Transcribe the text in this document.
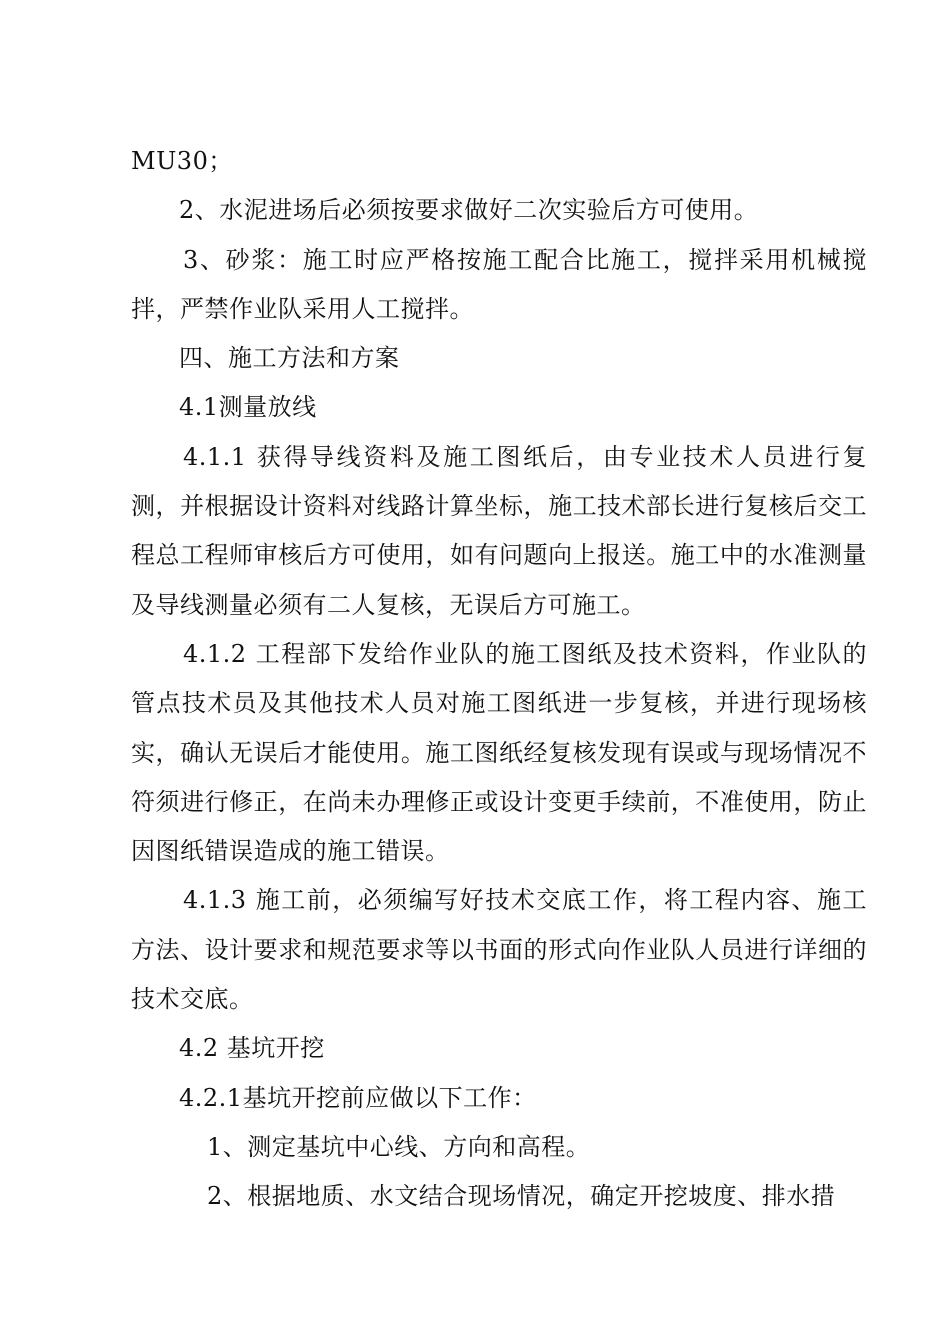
MU30；

2、水泥进场后必须按要求做好二次实验后方可使用。

3、砂浆：施工时应严格按施工配合比施工，搅拌采用机械搅拌，严禁作业队采用人工搅拌。

四、施工方法和方案

4.1测量放线

4.1.1 获得导线资料及施工图纸后，由专业技术人员进行复测，并根据设计资料对线路计算坐标，施工技术部长进行复核后交工程总工程师审核后方可使用，如有问题向上报送。施工中的水准测量及导线测量必须有二人复核，无误后方可施工。

4.1.2 工程部下发给作业队的施工图纸及技术资料，作业队的管点技术员及其他技术人员对施工图纸进一步复核，并进行现场核实，确认无误后才能使用。施工图纸经复核发现有误或与现场情况不符须进行修正，在尚未办理修正或设计变更手续前，不准使用，防止因图纸错误造成的施工错误。

4.1.3 施工前，必须编写好技术交底工作，将工程内容、施工方法、设计要求和规范要求等以书面的形式向作业队人员进行详细的技术交底。

4.2 基坑开挖

4.2.1基坑开挖前应做以下工作：

1、测定基坑中心线、方向和高程。

2、根据地质、水文结合现场情况，确定开挖坡度、排水措
